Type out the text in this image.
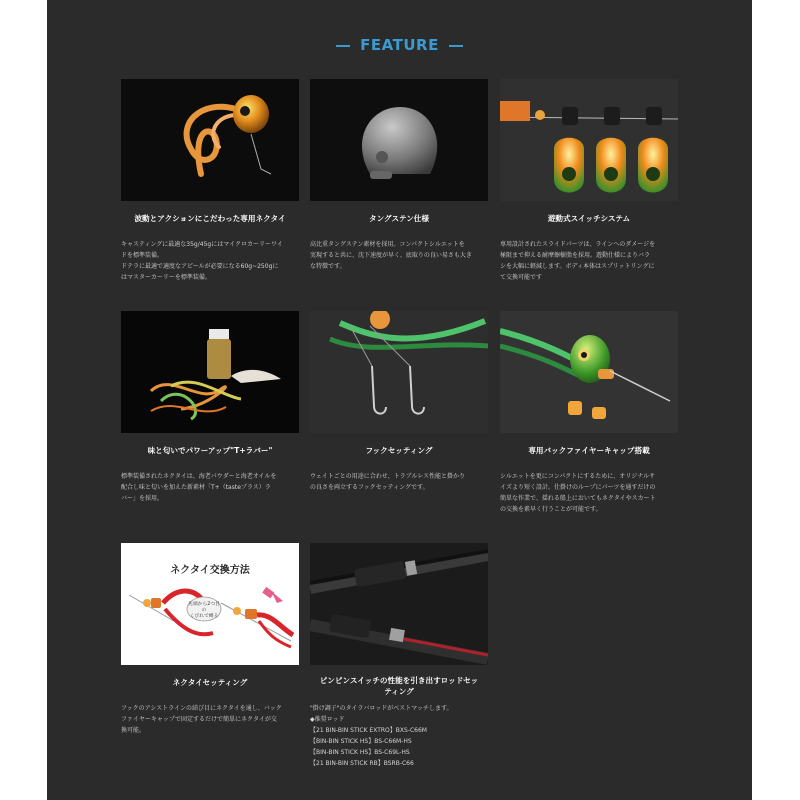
FEATURE
波動とアクションにこだわった専用ネクタイ
キャスティングに最適な35g/45gにはマイクロカーリーワイ
ドを標準装備。
ドテラに最適で適度なアピールが必要になる60g~250gに
はマスターカーリーを標準装備。
タングステン仕様
高比重タングステン素材を採用。コンパクトシルエットを
実現すると共に、沈下速度が早く、底取りの良い易さも大き
な特徴です。
遊動式スイッチシステム
専用設計されたスライドパーツは、ラインへのダメージを
極限まで抑える耐摩擦樹脂を採用。遊動仕様によりバラ
シを大幅に軽減します。ボディ本体はスプリットリングに
て交換可能です
味と匂いでパワーアップ"T+ラバー"
標準装備されたネクタイは、海老パウダーと海老オイルを
配合し味と匂いを加えた新素材「T+（tasteプラス）ラ
バー」を採用。
フックセッティング
ウェイトごとの用途に合わせ、トラブルレス性能と掛かり
の良さを両立するフックセッティングです。
専用バックファイヤーキャップ搭載
シルエットを更にコンパクトにするために、オリジナルサ
イズより短く設計。仕掛けのループにパーツを通すだけの
簡単な作業で、揺れる船上においてもネクタイやスカート
の交換を素早く行うことが可能です。
ネクタイ交換方法
先端から2つ目の
くびれで縛る
ネクタイセッティング
フックのアシストラインの結び目にネクタイを通し、バック
ファイヤーキャップで固定するだけで簡単にネクタイが交
換可能。
ビンビンスイッチの性能を引き出すロッドセッ
ティング
"掛け調子"のタイラバロッドがベストマッチします。
◆推奨ロッド
【21 BIN-BIN STICK EXTRO】BXS-C66M
【BIN-BIN STICK HS】BS-C66M-HS
【BIN-BIN STICK HS】BS-C69L-HS
【21 BIN-BIN STICK RB】BSRB-C66
